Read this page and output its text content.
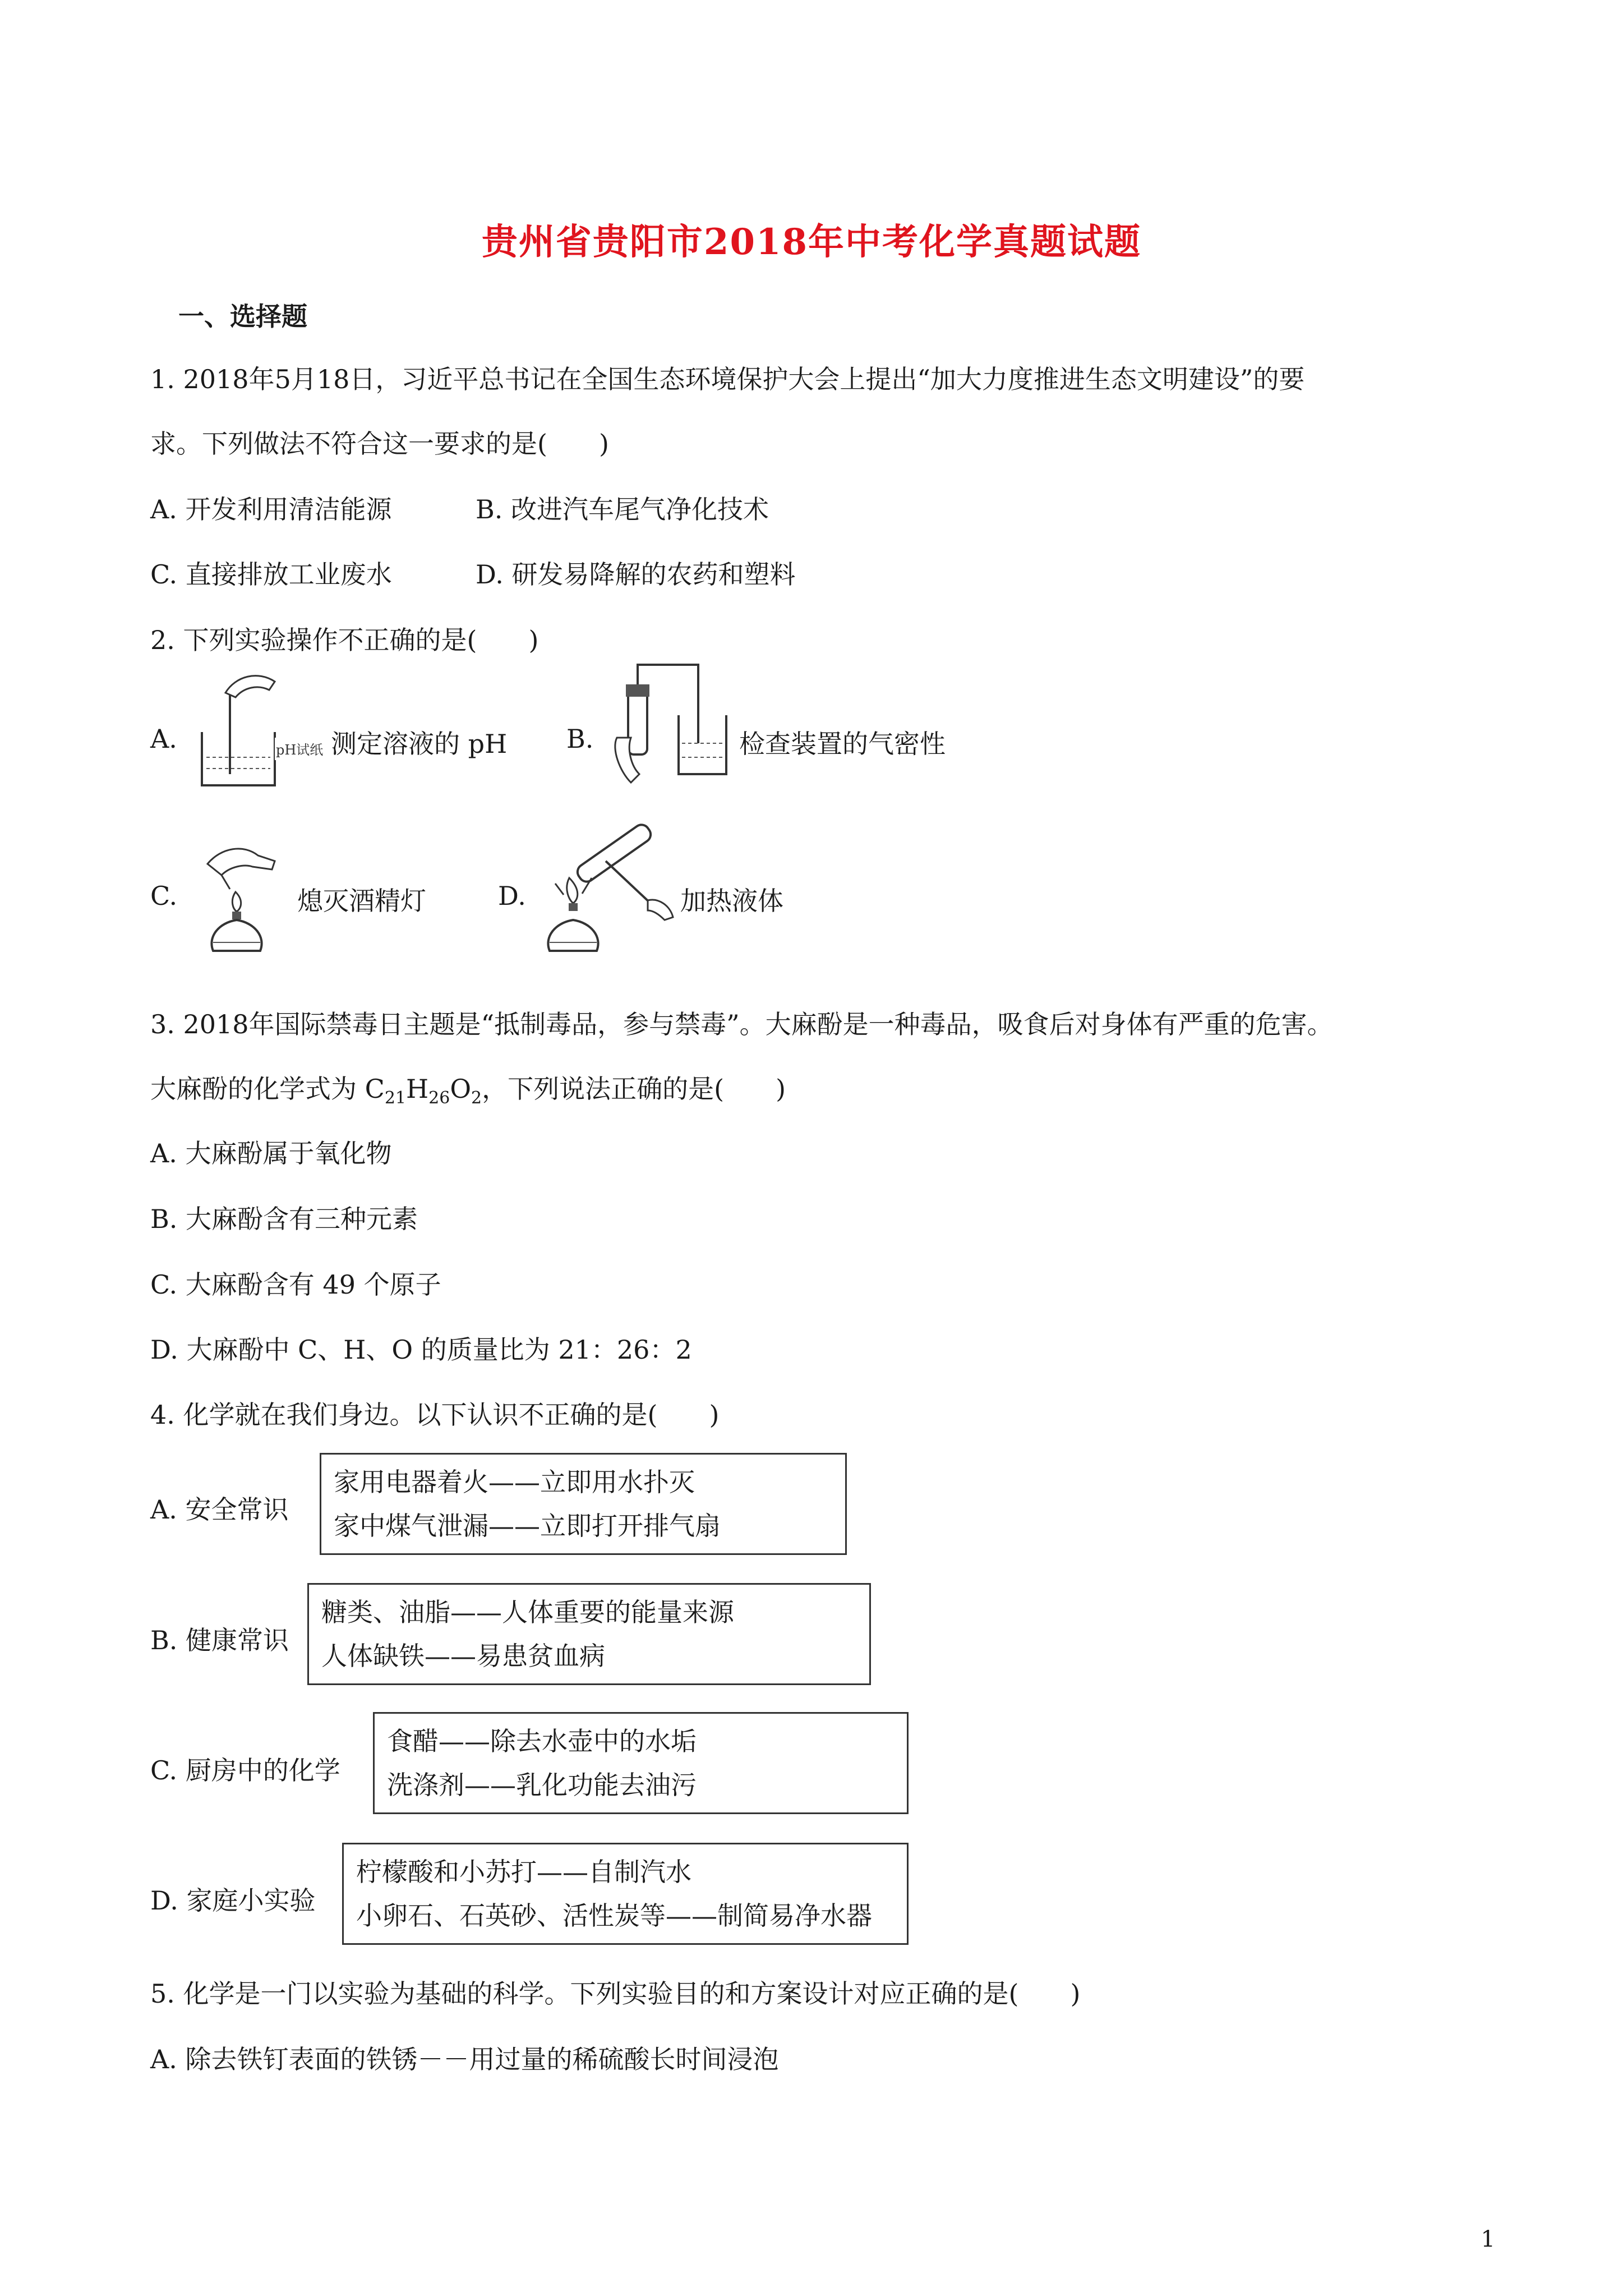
贵州省贵阳市2018年中考化学真题试题
一、选择题
1. 2018年5月18日，习近平总书记在全国生态环境保护大会上提出“加大力度推进生态文明建设”的要
求。下列做法不符合这一要求的是(　　)
A. 开发利用清洁能源	B. 改进汽车尾气净化技术
C. 直接排放工业废水	D. 研发易降解的农药和塑料
2. 下列实验操作不正确的是(　　)
A.	pH试纸 测定溶液的 pH B.	检查装置的气密性
C.	熄灭酒精灯	D.	加热液体
3. 2018年国际禁毒日主题是“抵制毒品，参与禁毒”。大麻酚是一种毒品，吸食后对身体有严重的危害。
大麻酚的化学式为 $C_{21}H_{26}O_2$，下列说法正确的是(　　)
A. 大麻酚属于氧化物
B. 大麻酚含有三种元素
C. 大麻酚含有 49 个原子
D. 大麻酚中 C、H、O 的质量比为 21：26：2
4. 化学就在我们身边。以下认识不正确的是(　　)
A. 安全常识
家用电器着火——立即用水扑灭
家中煤气泄漏——立即打开排气扇
B. 健康常识
糖类、油脂——人体重要的能量来源
人体缺铁——易患贫血病
C. 厨房中的化学
食醋——除去水壶中的水垢
洗涤剂——乳化功能去油污
D. 家庭小实验
柠檬酸和小苏打——自制汽水
小卵石、石英砂、活性炭等——制简易净水器
5. 化学是一门以实验为基础的科学。下列实验目的和方案设计对应正确的是(　　)
A. 除去铁钉表面的铁锈－－用过量的稀硫酸长时间浸泡
1
